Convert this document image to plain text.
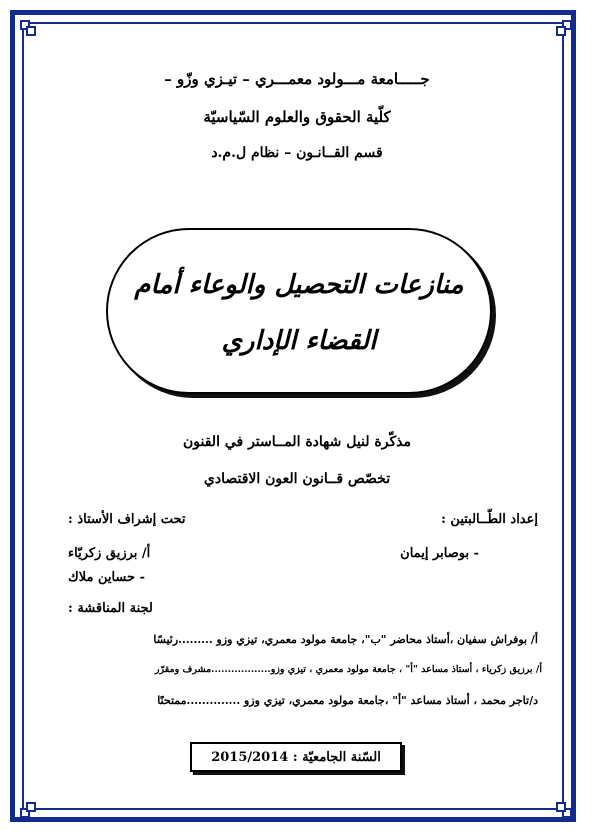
جـــــامعة مـــولود معمـــري – تيـزي وزّو –
كلّية الحقوق والعلوم السّياسيّة
قسم القــانـون – نظام ل.م.د
منازعات التحصيل والوعاء أمام
القضاء الإداري
مذكّرة لنيل شهادة المــاستر في القنون
تخصّص قــانون العون الاقتصادي
إعداد الطّــالبتين :
تحت إشراف الأستاذ :
- بوصابر إيمان
أ/ برزيق زكريّاء
- حساين ملاك
لجنة المناقشة :
أ/ بوفراش سفيان ،أستاذ محاضر "ب"، جامعة مولود معمري، تيزي وزو .........رئيسًا
أ/ برزيق زكرياء ، أستاذ مساعد "أ" ، جامعة مولود معمري ، تيزي وزو..................مشرف ومقرّر
د/تاجر محمد ، أستاذ مساعد "أ" ،جامعة مولود معمري، تيزي وزو ..............ممتحنًا
السّنة الجامعيّة : 2015/2014
